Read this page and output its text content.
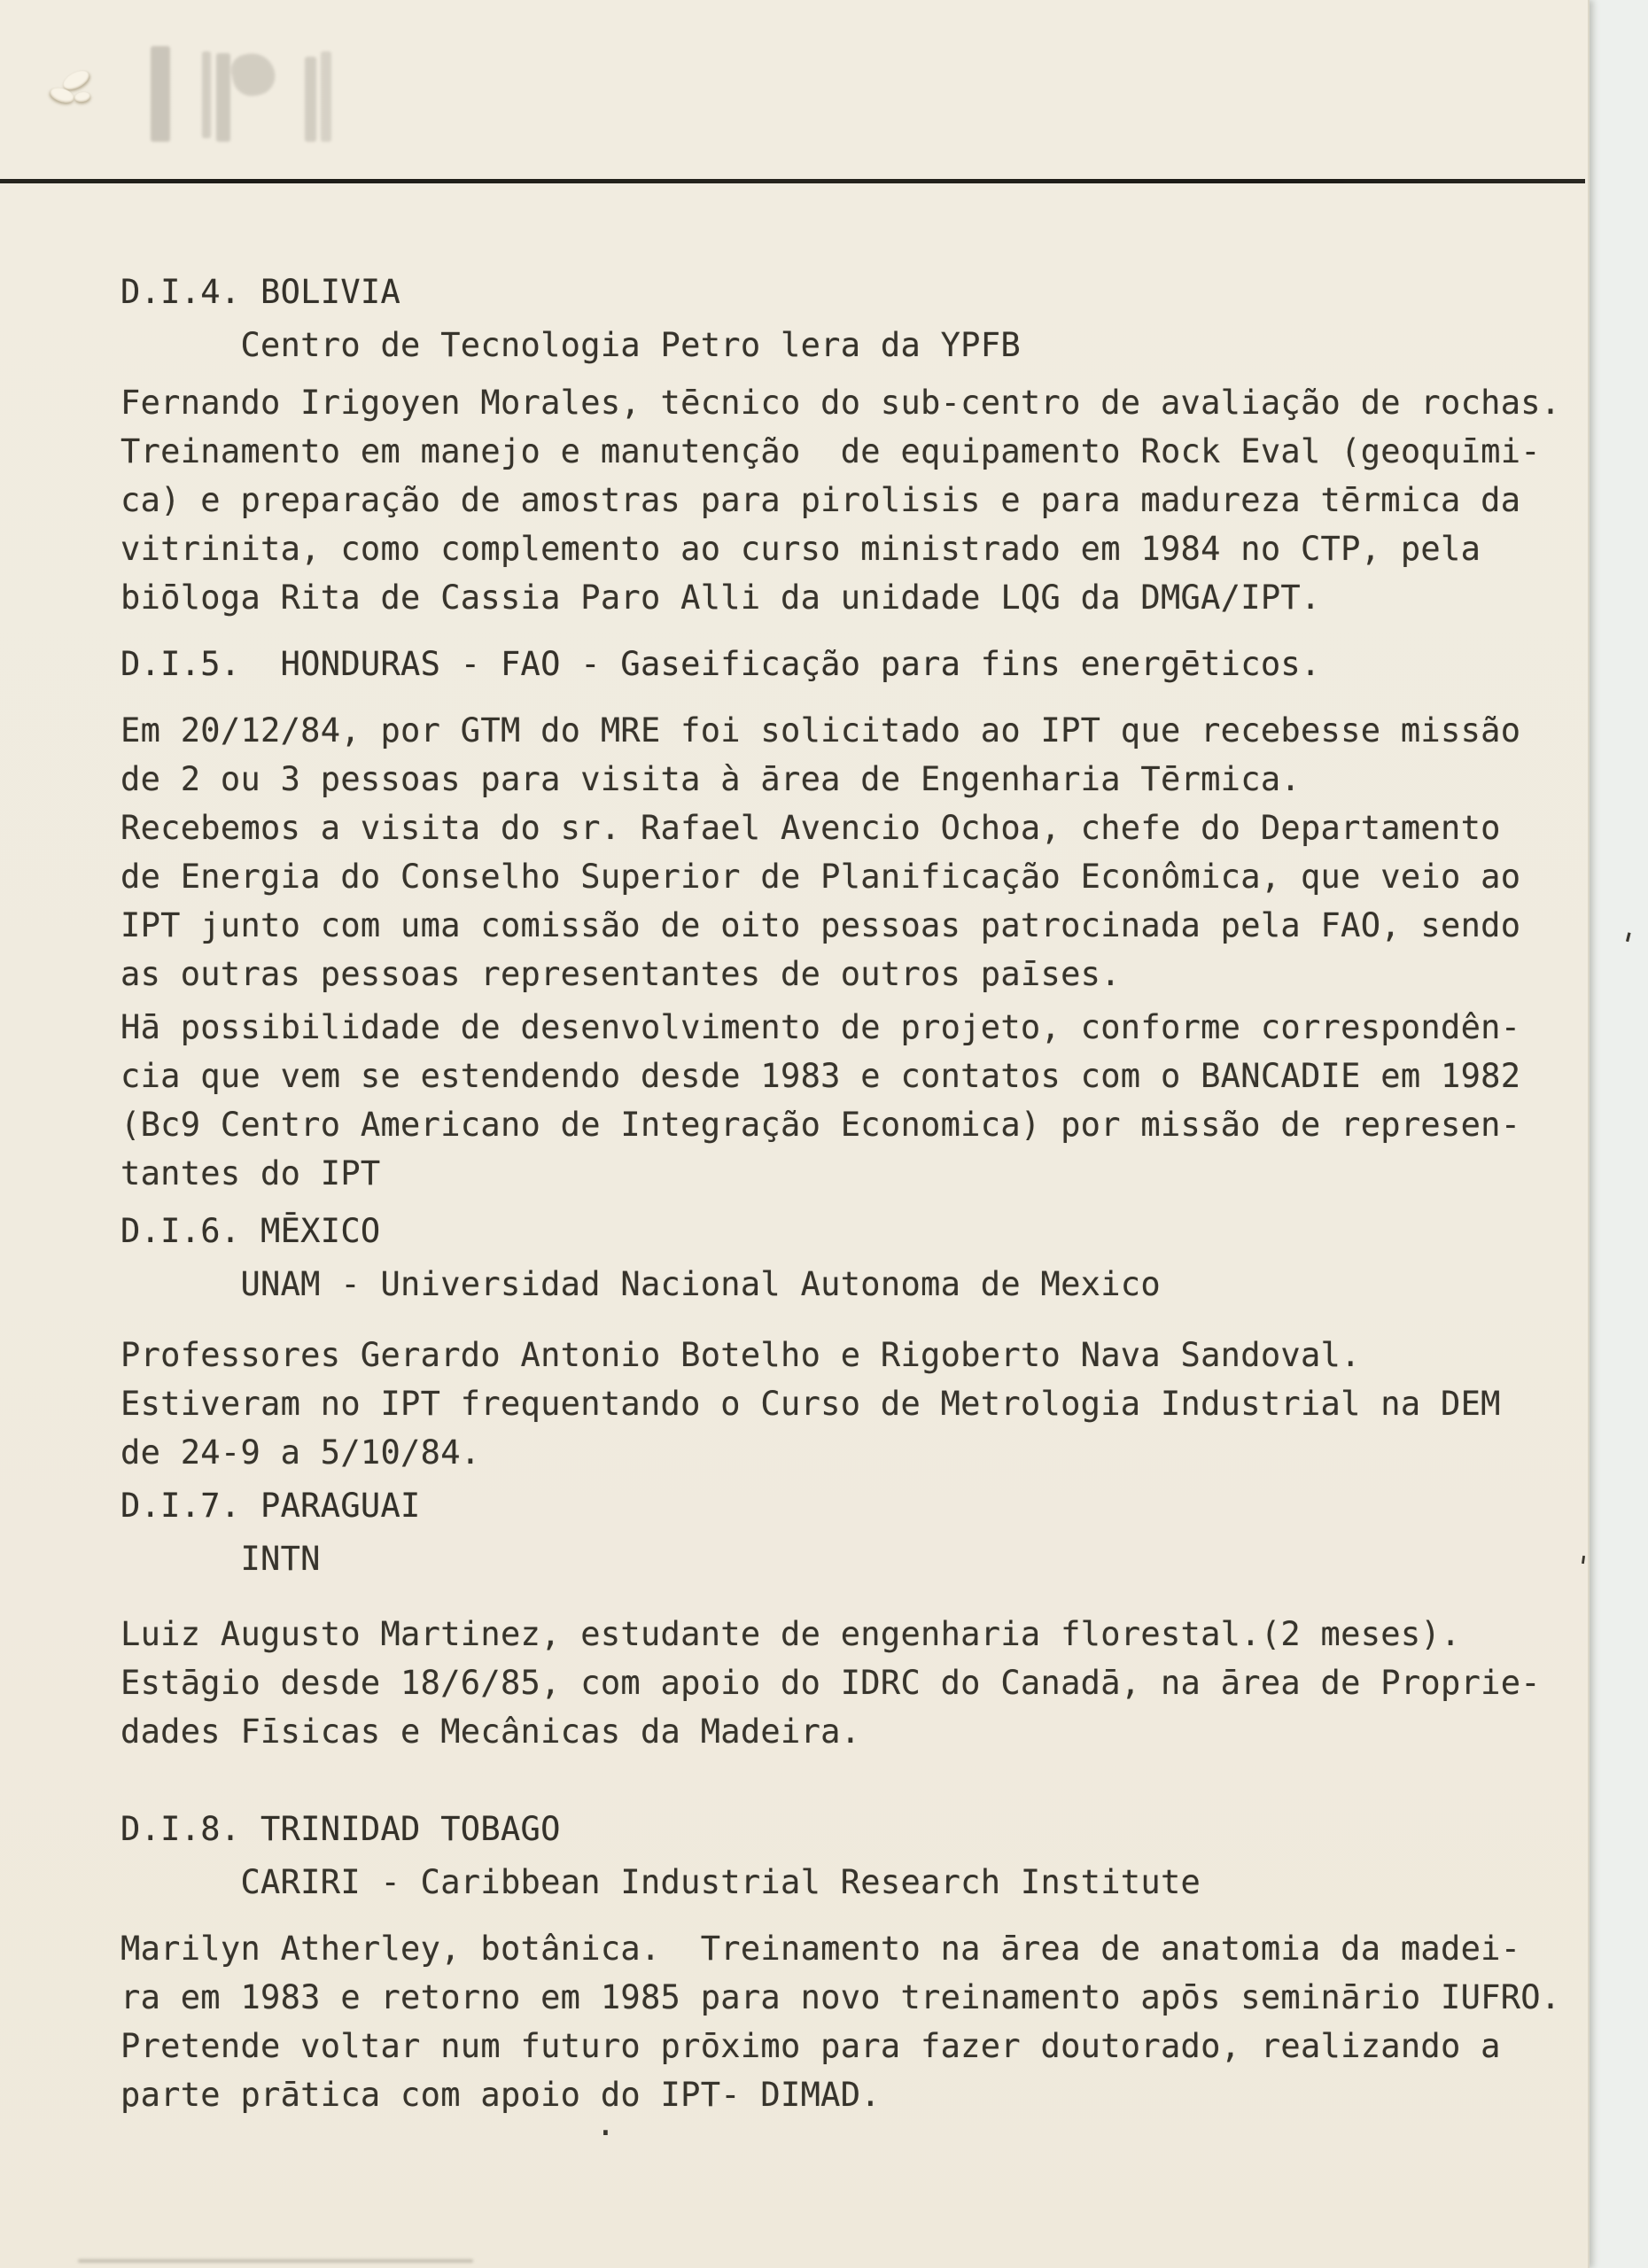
D.I.4. BOLIVIA
Centro de Tecnologia Petro lera da YPFB
Fernando Irigoyen Morales, tēcnico do sub-centro de avaliação de rochas.
Treinamento em manejo e manutenção  de equipamento Rock Eval (geoquīmi-
ca) e preparação de amostras para pirolisis e para madureza tērmica da
vitrinita, como complemento ao curso ministrado em 1984 no CTP, pela
biōloga Rita de Cassia Paro Alli da unidade LQG da DMGA/IPT.
D.I.5.  HONDURAS - FAO - Gaseificação para fins energēticos.
Em 20/12/84, por GTM do MRE foi solicitado ao IPT que recebesse missão
de 2 ou 3 pessoas para visita à ārea de Engenharia Tērmica.
Recebemos a visita do sr. Rafael Avencio Ochoa, chefe do Departamento
de Energia do Conselho Superior de Planificação Econômica, que veio ao
IPT junto com uma comissão de oito pessoas patrocinada pela FAO, sendo
as outras pessoas representantes de outros paīses.
Hā possibilidade de desenvolvimento de projeto, conforme correspondên-
cia que vem se estendendo desde 1983 e contatos com o BANCADIE em 1982
(Bc9 Centro Americano de Integração Economica) por missão de represen-
tantes do IPT
D.I.6. MĒXICO
UNAM - Universidad Nacional Autonoma de Mexico
Professores Gerardo Antonio Botelho e Rigoberto Nava Sandoval.
Estiveram no IPT frequentando o Curso de Metrologia Industrial na DEM
de 24-9 a 5/10/84.
D.I.7. PARAGUAI
INTN
Luiz Augusto Martinez, estudante de engenharia florestal.(2 meses).
Estāgio desde 18/6/85, com apoio do IDRC do Canadā, na ārea de Proprie-
dades Fīsicas e Mecânicas da Madeira.
D.I.8. TRINIDAD TOBAGO
CARIRI - Caribbean Industrial Research Institute
Marilyn Atherley, botânica.  Treinamento na ārea de anatomia da madei-
ra em 1983 e retorno em 1985 para novo treinamento apōs seminārio IUFRO.
Pretende voltar num futuro prōximo para fazer doutorado, realizando a
parte prātica com apoio do IPT- DIMAD.
.
'
'
